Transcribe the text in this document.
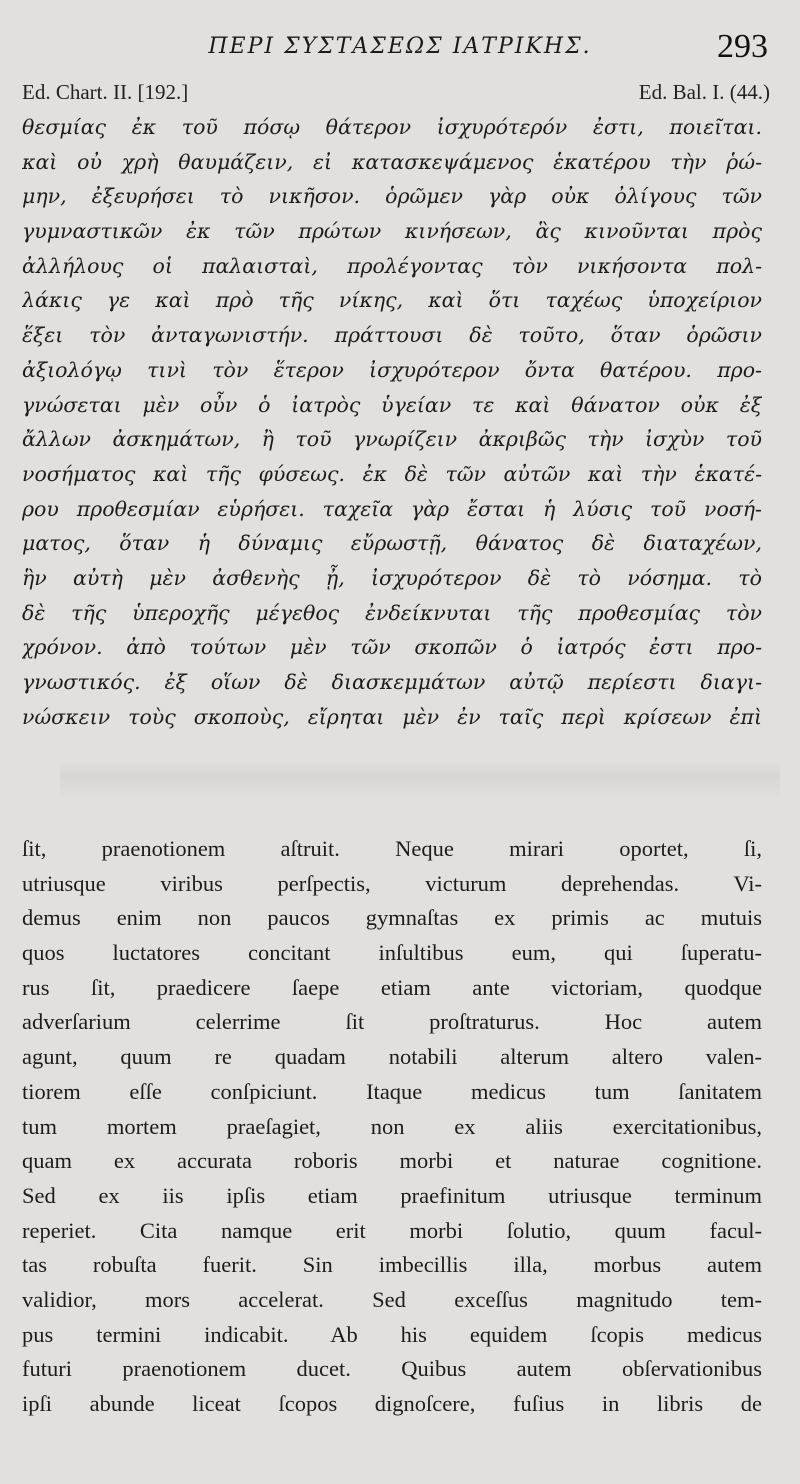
ΠΕΡΙ ΣΥΣΤΑΣΕΩΣ ΙΑΤΡΙΚΗΣ.	293
Ed. Chart. II. [192.]	Ed. Bal. I. (44.)
θεσμίας ἐκ τοῦ πόσῳ θάτερον ἰσχυρότερόν ἐστι, ποιεῖται.
καὶ οὐ χρὴ θαυμάζειν, εἰ κατασκεψάμενος ἑκατέρου τὴν ῥώ-
μην, ἐξευρήσει τὸ νικῆσον. ὁρῶμεν γὰρ οὐκ ὀλίγους τῶν
γυμναστικῶν ἐκ τῶν πρώτων κινήσεων, ἃς κινοῦνται πρὸς
ἀλλήλους οἱ παλαισταὶ, προλέγοντας τὸν νικήσοντα πολ-
λάκις γε καὶ πρὸ τῆς νίκης, καὶ ὅτι ταχέως ὑποχείριον
ἕξει τὸν ἀνταγωνιστήν. πράττουσι δὲ τοῦτο, ὅταν ὁρῶσιν
ἀξιολόγῳ τινὶ τὸν ἕτερον ἰσχυρότερον ὄντα θατέρου. προ-
γνώσεται μὲν οὖν ὁ ἰατρὸς ὑγείαν τε καὶ θάνατον οὐκ ἐξ
ἄλλων ἀσκημάτων, ἢ τοῦ γνωρίζειν ἀκριβῶς τὴν ἰσχὺν τοῦ
νοσήματος καὶ τῆς φύσεως. ἐκ δὲ τῶν αὐτῶν καὶ τὴν ἑκατέ-
ρου προθεσμίαν εὑρήσει. ταχεῖα γὰρ ἔσται ἡ λύσις τοῦ νοσή-
ματος, ὅταν ἡ δύναμις εὔρωστῇ, θάνατος δὲ διαταχέων,
ἣν αὐτὴ μὲν ἀσθενὴς ᾖ, ἰσχυρότερον δὲ τὸ νόσημα. τὸ
δὲ τῆς ὑπεροχῆς μέγεθος ἐνδείκνυται τῆς προθεσμίας τὸν
χρόνον. ἀπὸ τούτων μὲν τῶν σκοπῶν ὁ ἰατρός ἐστι προ-
γνωστικός. ἐξ οἵων δὲ διασκεμμάτων αὐτῷ περίεστι διαγι-
νώσκειν τοὺς σκοποὺς, εἴρηται μὲν ἐν ταῖς περὶ κρίσεων ἐπὶ
ſit, praenotionem aſtruit. Neque mirari oportet, ſi,
utriusque viribus perſpectis, victurum deprehendas. Vi-
demus enim non paucos gymnaſtas ex primis ac mutuis
quos luctatores concitant inſultibus eum, qui ſuperatu-
rus ſit, praedicere ſaepe etiam ante victoriam, quodque
adverſarium celerrime ſit proſtraturus. Hoc autem
agunt, quum re quadam notabili alterum altero valen-
tiorem eſſe conſpiciunt. Itaque medicus tum ſanitatem
tum mortem praeſagiet, non ex aliis exercitationibus,
quam ex accurata roboris morbi et naturae cognitione.
Sed ex iis ipſis etiam praefinitum utriusque terminum
reperiet. Cita namque erit morbi ſolutio, quum facul-
tas robuſta fuerit. Sin imbecillis illa, morbus autem
validior, mors accelerat. Sed exceſſus magnitudo tem-
pus termini indicabit. Ab his equidem ſcopis medicus
futuri praenotionem ducet. Quibus autem obſervationibus
ipſi abunde liceat ſcopos dignoſcere, fuſius in libris de
